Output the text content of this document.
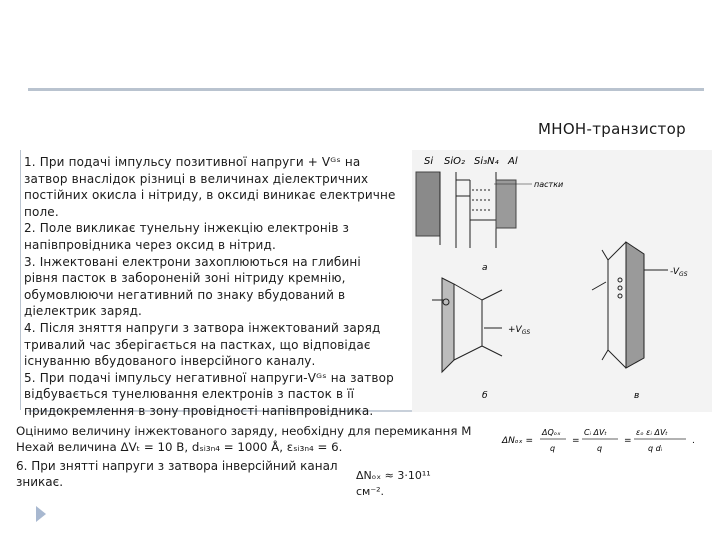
МНОН-транзистор

1. При подачі імпульсу позитивної напруги + Vᴳˢ на затвор внаслідок різниці в величинах діелектричних постійних окисла і нітриду, в оксиді виникає електричне поле.

2. Поле викликає тунельну інжекцію електронів з напівпровідника через оксид в нітрид.

3. Інжектовані електрони захоплюються на глибині рівня пасток в забороненій зоні нітриду кремнію, обумовлюючи негативний по знаку вбудований в діелектрик заряд.

4. Після зняття напруги з затвора інжектований заряд тривалий час зберігається на пастках, що відповідає існуванню вбудованого інверсійного каналу.

5. При подачі імпульсу негативної напруги-Vᴳˢ на затвор відбувається тунелювання електронів з пасток в її придокремлення в зону провідності напівпровідника.

Оцінимо величину інжектованого заряду, необхідну для перемикання М

Нехай величина ΔVₜ = 10 В, dₛᵢ₃ₙ₄ = 1000 Å, εₛᵢ₃ₙ₄ = 6.

6. При знятті напруги з затвора інверсійний канал зникає.

ΔNₒₓ =
ΔQₒₓ
q
=
Cᵢ ΔVₜ
q
=
εₒ εᵢ ΔVₜ
q dᵢ
.
ΔNₒₓ ≈ 3·10¹¹
см⁻².
Si SiO₂ Si₃N₄ Al
пастки
а
$+V_{GS}$
б
$-V_{GS}$
в
